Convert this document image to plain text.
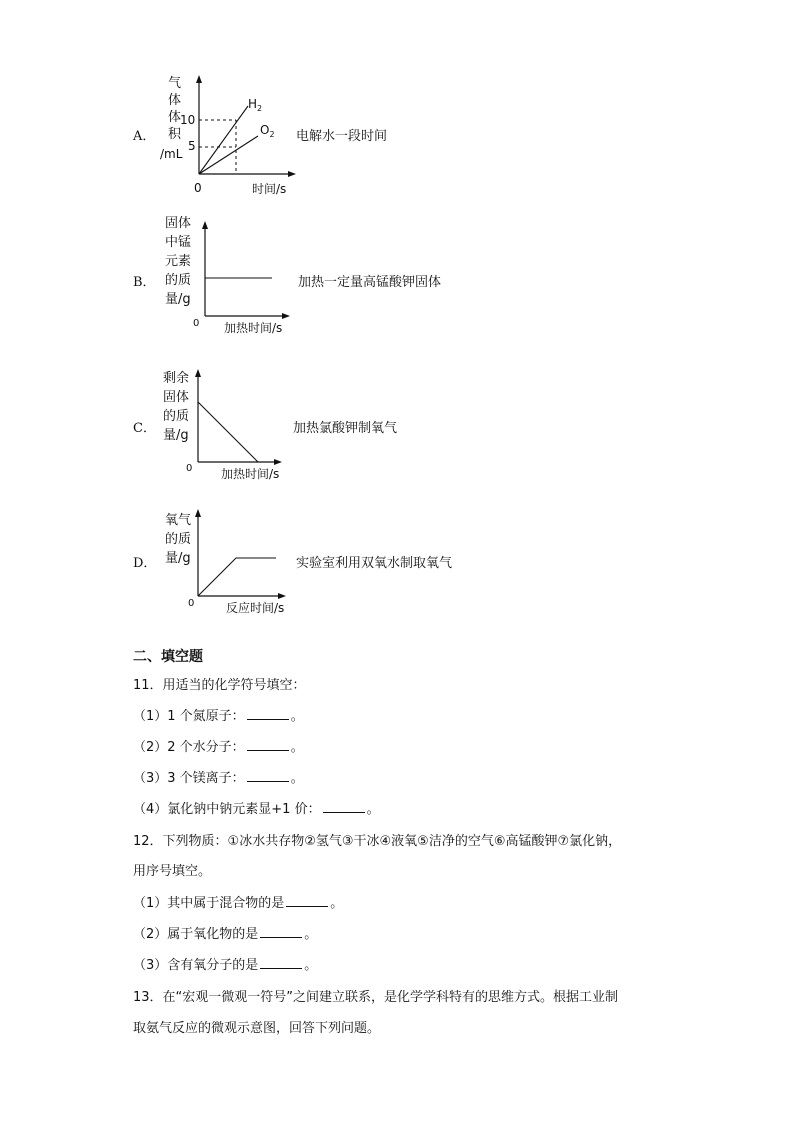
A．
气
体
体
积
/mL
10
5
$H_2$
$O_2$
0	时间/s
电解水一段时间
B．
固体
中锰
元素
的质
量/g
0 加热时间/s
加热一定量高锰酸钾固体
C．
剩余
固体
的质
量/g
0 加热时间/s
加热氯酸钾制氧气
D．
氧气
的质
量/g
0	反应时间/s
实验室利用双氧水制取氧气
二、填空题
11．用适当的化学符号填空：
（1）1 个氮原子：	。
（2）2 个水分子：	。
（3）3 个镁离子：	。
（4）氯化钠中钠元素显+1 价：	。
12．下列物质：①冰水共存物②氢气③干冰④液氧⑤洁净的空气⑥高锰酸钾⑦氯化钠，
用序号填空。
（1）其中属于混合物的是	。
（2）属于氧化物的是	。
（3）含有氧分子的是	。
13．在“宏观一微观一符号”之间建立联系，是化学学科特有的思维方式。根据工业制
取氨气反应的微观示意图，回答下列问题。
